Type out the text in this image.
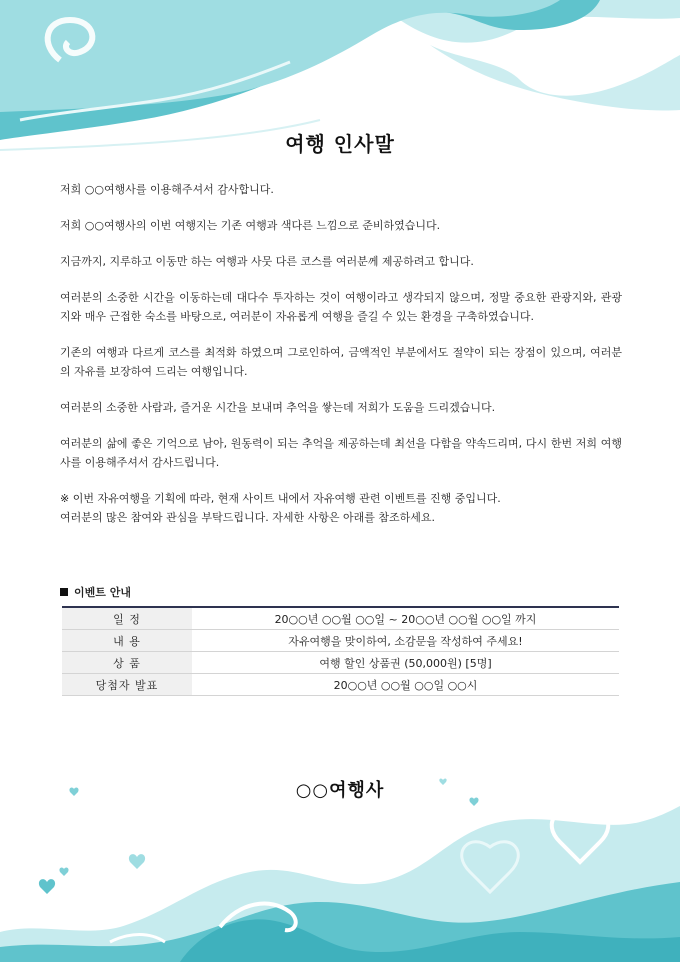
여행 인사말

저희 ○○여행사를 이용해주셔서 감사합니다.

저희 ○○여행사의 이번 여행지는 기존 여행과 색다른 느낌으로 준비하였습니다.

지금까지, 지루하고 이동만 하는 여행과 사뭇 다른 코스를 여러분께 제공하려고 합니다.

여러분의 소중한 시간을 이동하는데 대다수 투자하는 것이 여행이라고 생각되지 않으며, 정말 중요한 관광지와, 관광지와 매우 근접한 숙소를 바탕으로, 여러분이 자유롭게 여행을 즐길 수 있는 환경을 구축하였습니다.

기존의 여행과 다르게 코스를 최적화 하였으며 그로인하여, 금액적인 부분에서도 절약이 되는 장점이 있으며, 여러분의 자유를 보장하여 드리는 여행입니다.

여러분의 소중한 사람과, 즐거운 시간을 보내며 추억을 쌓는데 저희가 도움을 드리겠습니다.

여러분의 삶에 좋은 기억으로 남아, 원동력이 되는 추억을 제공하는데 최선을 다함을 약속드리며, 다시 한번 저희 여행사를 이용해주셔서 감사드립니다.

※ 이번 자유여행을 기획에 따라, 현재 사이트 내에서 자유여행 관련 이벤트를 진행 중입니다.

여러분의 많은 참여와 관심을 부탁드립니다. 자세한 사항은 아래를 참조하세요.

이벤트 안내
일 정	20○○년 ○○월 ○○일 ~ 20○○년 ○○월 ○○일 까지
내 용	자유여행을 맞이하여, 소감문을 작성하여 주세요!
상 품	여행 할인 상품권 (50,000원) [5명]
당첨자 발표	20○○년 ○○월 ○○일 ○○시
○○여행사
